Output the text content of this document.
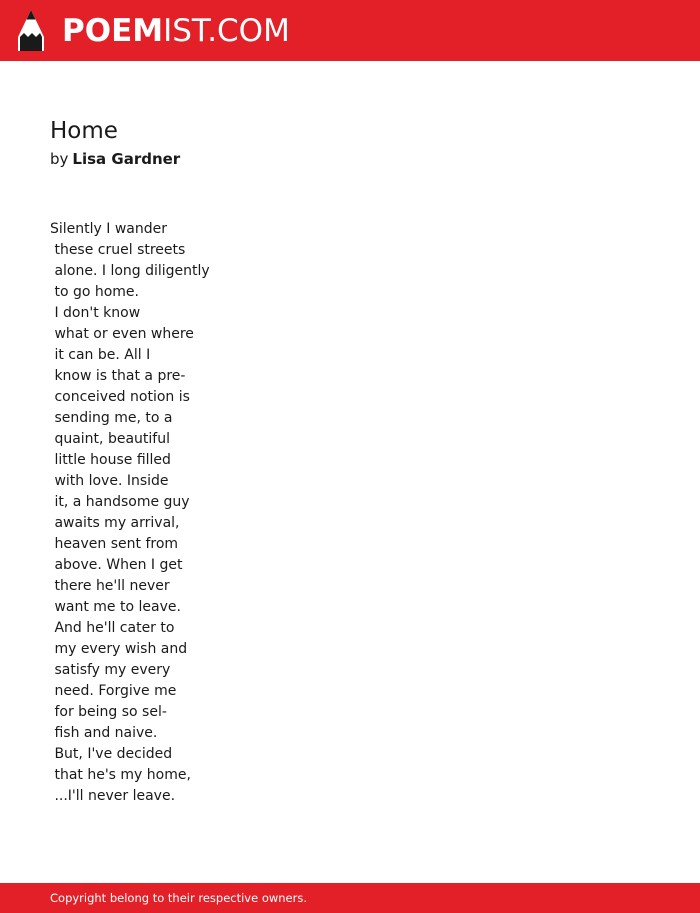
POEMIST.COM
Home
by Lisa Gardner
Silently I wander
these cruel streets
alone. I long diligently
to go home.
I don't know
what or even where
it can be. All I
know is that a pre-
conceived notion is
sending me, to a
quaint, beautiful
little house filled
with love. Inside
it, a handsome guy
awaits my arrival,
heaven sent from
above. When I get
there he'll never
want me to leave.
And he'll cater to
my every wish and
satisfy my every
need. Forgive me
for being so sel-
fish and naive.
But, I've decided
that he's my home,
...I'll never leave.
Copyright belong to their respective owners.
